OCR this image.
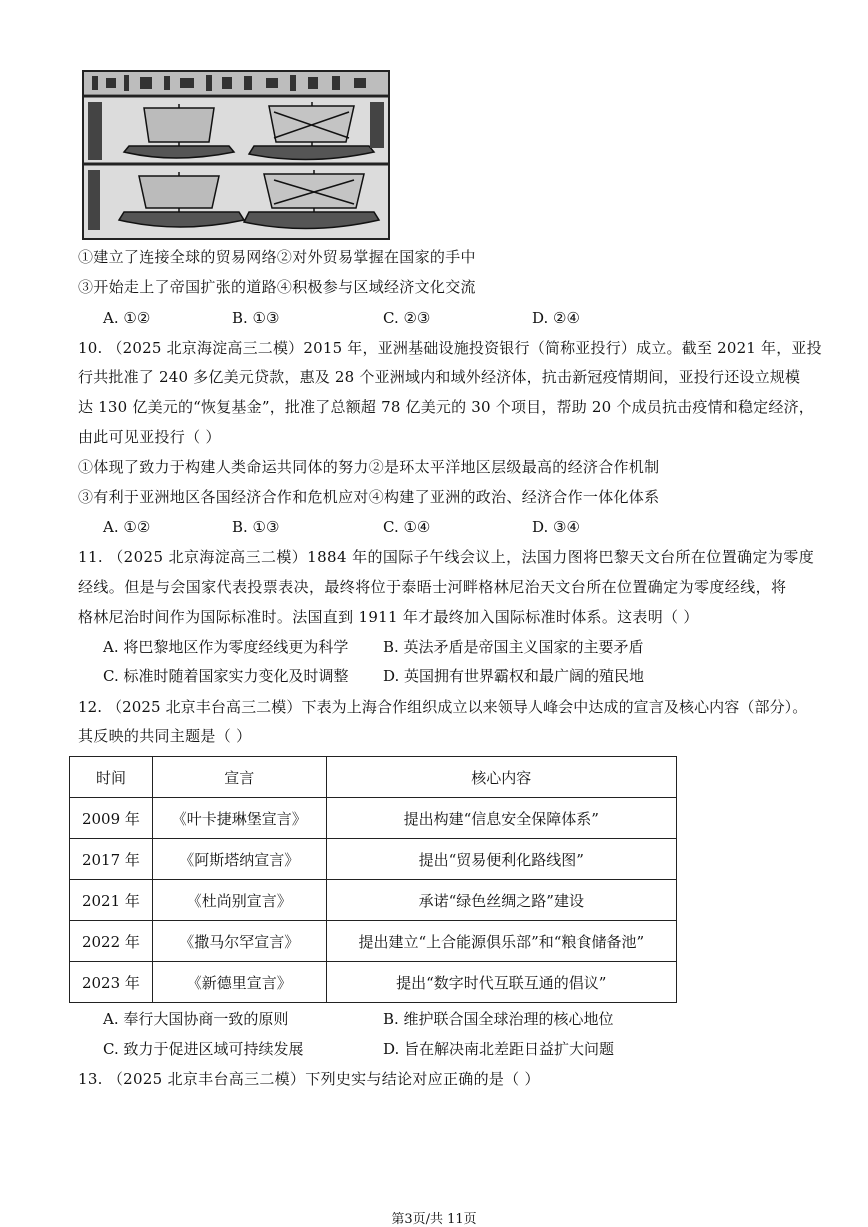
①建立了连接全球的贸易网络②对外贸易掌握在国家的手中
③开始走上了帝国扩张的道路④积极参与区域经济文化交流
A. ①②	B. ①③	C. ②③	D. ②④
10. （2025 北京海淀高三二模）2015 年，亚洲基础设施投资银行（简称亚投行）成立。截至 2021 年，亚投
行共批准了 240 多亿美元贷款，惠及 28 个亚洲域内和域外经济体，抗击新冠疫情期间，亚投行还设立规模
达 130 亿美元的“恢复基金”，批准了总额超 78 亿美元的 30 个项目，帮助 20 个成员抗击疫情和稳定经济，
由此可见亚投行（ ）
①体现了致力于构建人类命运共同体的努力②是环太平洋地区层级最高的经济合作机制
③有利于亚洲地区各国经济合作和危机应对④构建了亚洲的政治、经济合作一体化体系
A. ①②	B. ①③	C. ①④	D. ③④
11. （2025 北京海淀高三二模）1884 年的国际子午线会议上，法国力图将巴黎天文台所在位置确定为零度
经线。但是与会国家代表投票表决，最终将位于泰晤士河畔格林尼治天文台所在位置确定为零度经线，将
格林尼治时间作为国际标准时。法国直到 1911 年才最终加入国际标准时体系。这表明（ ）
A. 将巴黎地区作为零度经线更为科学 B. 英法矛盾是帝国主义国家的主要矛盾
C. 标准时随着国家实力变化及时调整 D. 英国拥有世界霸权和最广阔的殖民地
12. （2025 北京丰台高三二模）下表为上海合作组织成立以来领导人峰会中达成的宣言及核心内容（部分）。
其反映的共同主题是（ ）
时间	宣言	核心内容
2009 年	《叶卡捷琳堡宣言》	提出构建“信息安全保障体系”
2017 年	《阿斯塔纳宣言》	提出“贸易便利化路线图”
2021 年	《杜尚别宣言》	承诺“绿色丝绸之路”建设
2022 年	《撒马尔罕宣言》	提出建立“上合能源俱乐部”和“粮食储备池”
2023 年	《新德里宣言》	提出“数字时代互联互通的倡议”
A. 奉行大国协商一致的原则	B. 维护联合国全球治理的核心地位
C. 致力于促进区域可持续发展	D. 旨在解决南北差距日益扩大问题
13. （2025 北京丰台高三二模）下列史实与结论对应正确的是（ ）
第3页/共 11页
